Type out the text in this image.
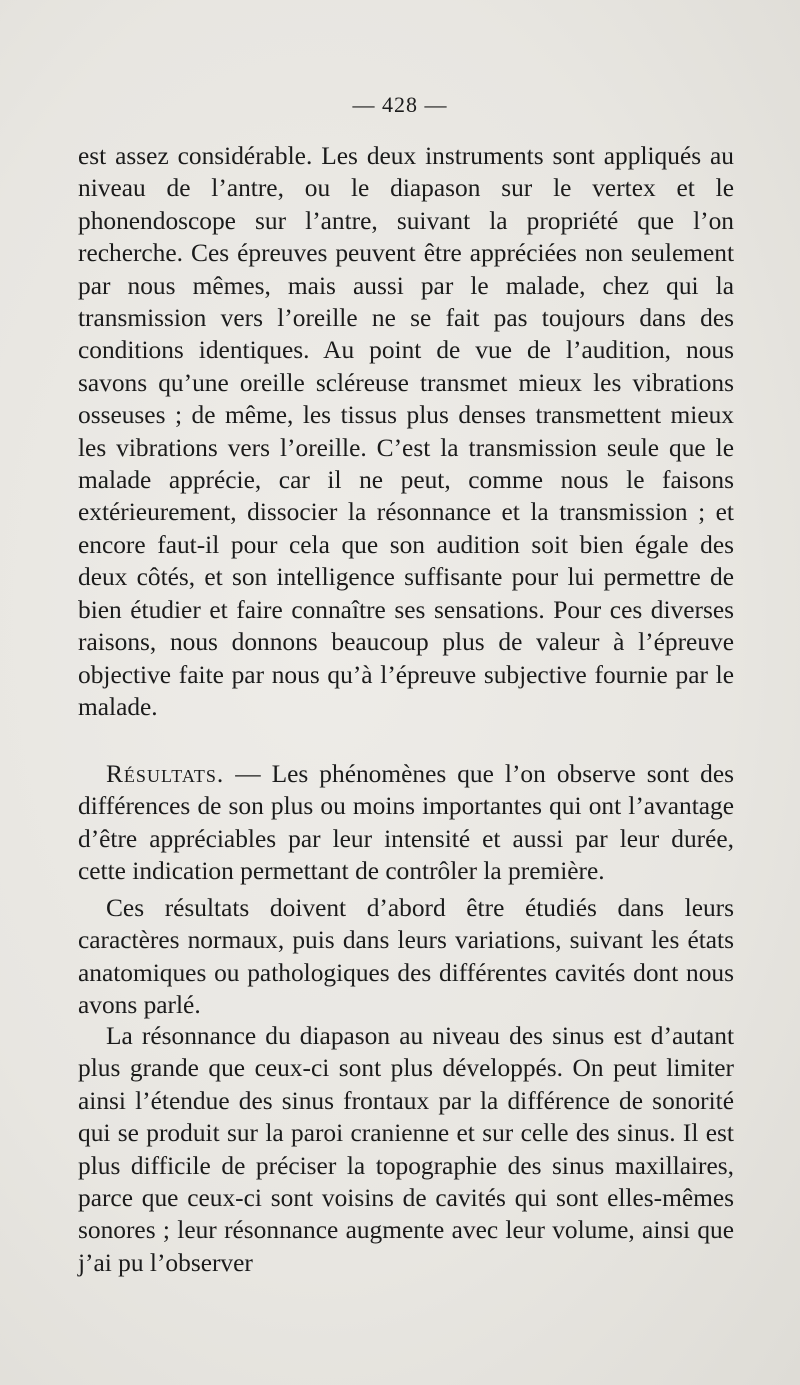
— 428 —

est assez considérable. Les deux instruments sont appliqués au niveau de l’antre, ou le diapason sur le vertex et le phonendoscope sur l’antre, suivant la propriété que l’on recherche. Ces épreuves peuvent être appréciées non seulement par nous mêmes, mais aussi par le malade, chez qui la transmission vers l’oreille ne se fait pas toujours dans des conditions identiques. Au point de vue de l’audition, nous savons qu’une oreille scléreuse transmet mieux les vibrations osseuses ; de même, les tissus plus denses transmettent mieux les vibrations vers l’oreille. C’est la transmission seule que le malade apprécie, car il ne peut, comme nous le faisons extérieurement, dissocier la résonnance et la transmission ; et encore faut-il pour cela que son audition soit bien égale des deux côtés, et son intelligence suffisante pour lui permettre de bien étudier et faire connaître ses sensations. Pour ces diverses raisons, nous donnons beaucoup plus de valeur à l’épreuve objective faite par nous qu’à l’épreuve subjective fournie par le malade.

Résultats. — Les phénomènes que l’on observe sont des différences de son plus ou moins importantes qui ont l’avantage d’être appréciables par leur intensité et aussi par leur durée, cette indication permettant de contrôler la première.

Ces résultats doivent d’abord être étudiés dans leurs caractères normaux, puis dans leurs variations, suivant les états anatomiques ou pathologiques des différentes cavités dont nous avons parlé.

La résonnance du diapason au niveau des sinus est d’autant plus grande que ceux-ci sont plus développés. On peut limiter ainsi l’étendue des sinus frontaux par la différence de sonorité qui se produit sur la paroi cranienne et sur celle des sinus. Il est plus difficile de préciser la topographie des sinus maxillaires, parce que ceux-ci sont voisins de cavités qui sont elles-mêmes sonores ; leur résonnance augmente avec leur volume, ainsi que j’ai pu l’observer
